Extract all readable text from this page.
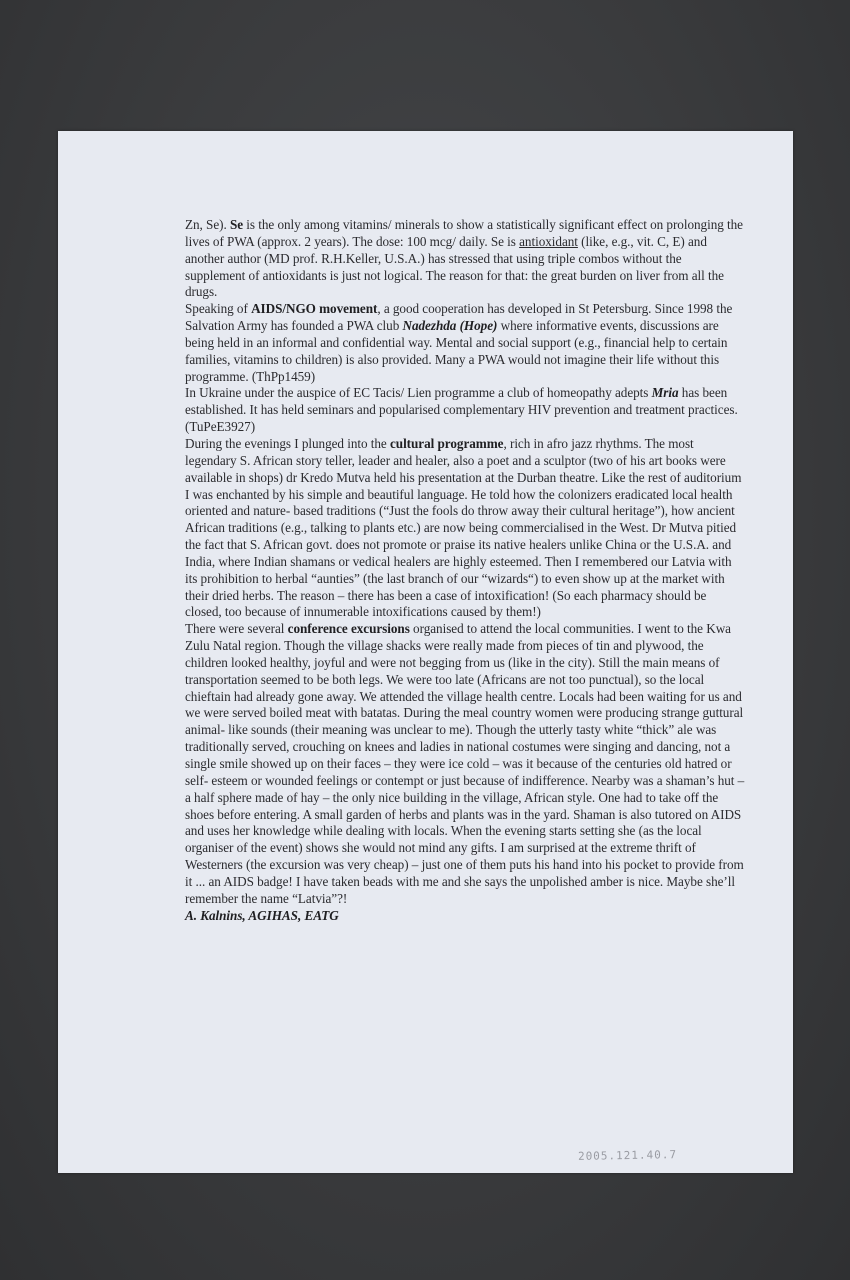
Zn, Se). Se is the only among vitamins/ minerals to show a statistically significant effect on prolonging the lives of PWA (approx. 2 years). The dose: 100 mcg/ daily. Se is antioxidant (like, e.g., vit. C, E) and another author (MD prof. R.H.Keller, U.S.A.) has stressed that using triple combos without the supplement of antioxidants is just not logical. The reason for that: the great burden on liver from all the drugs.

Speaking of AIDS/NGO movement, a good cooperation has developed in St Petersburg. Since 1998 the Salvation Army has founded a PWA club Nadezhda (Hope) where informative events, discussions are being held in an informal and confidential way. Mental and social support (e.g., financial help to certain families, vitamins to children) is also provided. Many a PWA would not imagine their life without this programme. (ThPp1459)

In Ukraine under the auspice of EC Tacis/ Lien programme a club of homeopathy adepts Mria has been established. It has held seminars and popularised complementary HIV prevention and treatment practices. (TuPeE3927)

During the evenings I plunged into the cultural programme, rich in afro jazz rhythms. The most legendary S. African story teller, leader and healer, also a poet and a sculptor (two of his art books were available in shops) dr Kredo Mutva held his presentation at the Durban theatre. Like the rest of auditorium I was enchanted by his simple and beautiful language. He told how the colonizers eradicated local health oriented and nature- based traditions (“Just the fools do throw away their cultural heritage”), how ancient African traditions (e.g., talking to plants etc.) are now being commercialised in the West. Dr Mutva pitied the fact that S. African govt. does not promote or praise its native healers unlike China or the U.S.A. and India, where Indian shamans or vedical healers are highly esteemed. Then I remembered our Latvia with its prohibition to herbal “aunties” (the last branch of our “wizards“) to even show up at the market with their dried herbs. The reason – there has been a case of intoxification! (So each pharmacy should be closed, too because of innumerable intoxifications caused by them!)

There were several conference excursions organised to attend the local communities. I went to the Kwa Zulu Natal region. Though the village shacks were really made from pieces of tin and plywood, the children looked healthy, joyful and were not begging from us (like in the city). Still the main means of transportation seemed to be both legs. We were too late (Africans are not too punctual), so the local chieftain had already gone away. We attended the village health centre. Locals had been waiting for us and we were served boiled meat with batatas. During the meal country women were producing strange guttural animal- like sounds (their meaning was unclear to me). Though the utterly tasty white “thick” ale was traditionally served, crouching on knees and ladies in national costumes were singing and dancing, not a single smile showed up on their faces – they were ice cold – was it because of the centuries old hatred or self- esteem or wounded feelings or contempt or just because of indifference. Nearby was a shaman’s hut – a half sphere made of hay – the only nice building in the village, African style. One had to take off the shoes before entering. A small garden of herbs and plants was in the yard. Shaman is also tutored on AIDS and uses her knowledge while dealing with locals. When the evening starts setting she (as the local organiser of the event) shows she would not mind any gifts. I am surprised at the extreme thrift of Westerners (the excursion was very cheap) – just one of them puts his hand into his pocket to provide from it ... an AIDS badge! I have taken beads with me and she says the unpolished amber is nice. Maybe she’ll remember the name “Latvia”?!

A. Kalnins, AGIHAS, EATG

2005.121.40.7
